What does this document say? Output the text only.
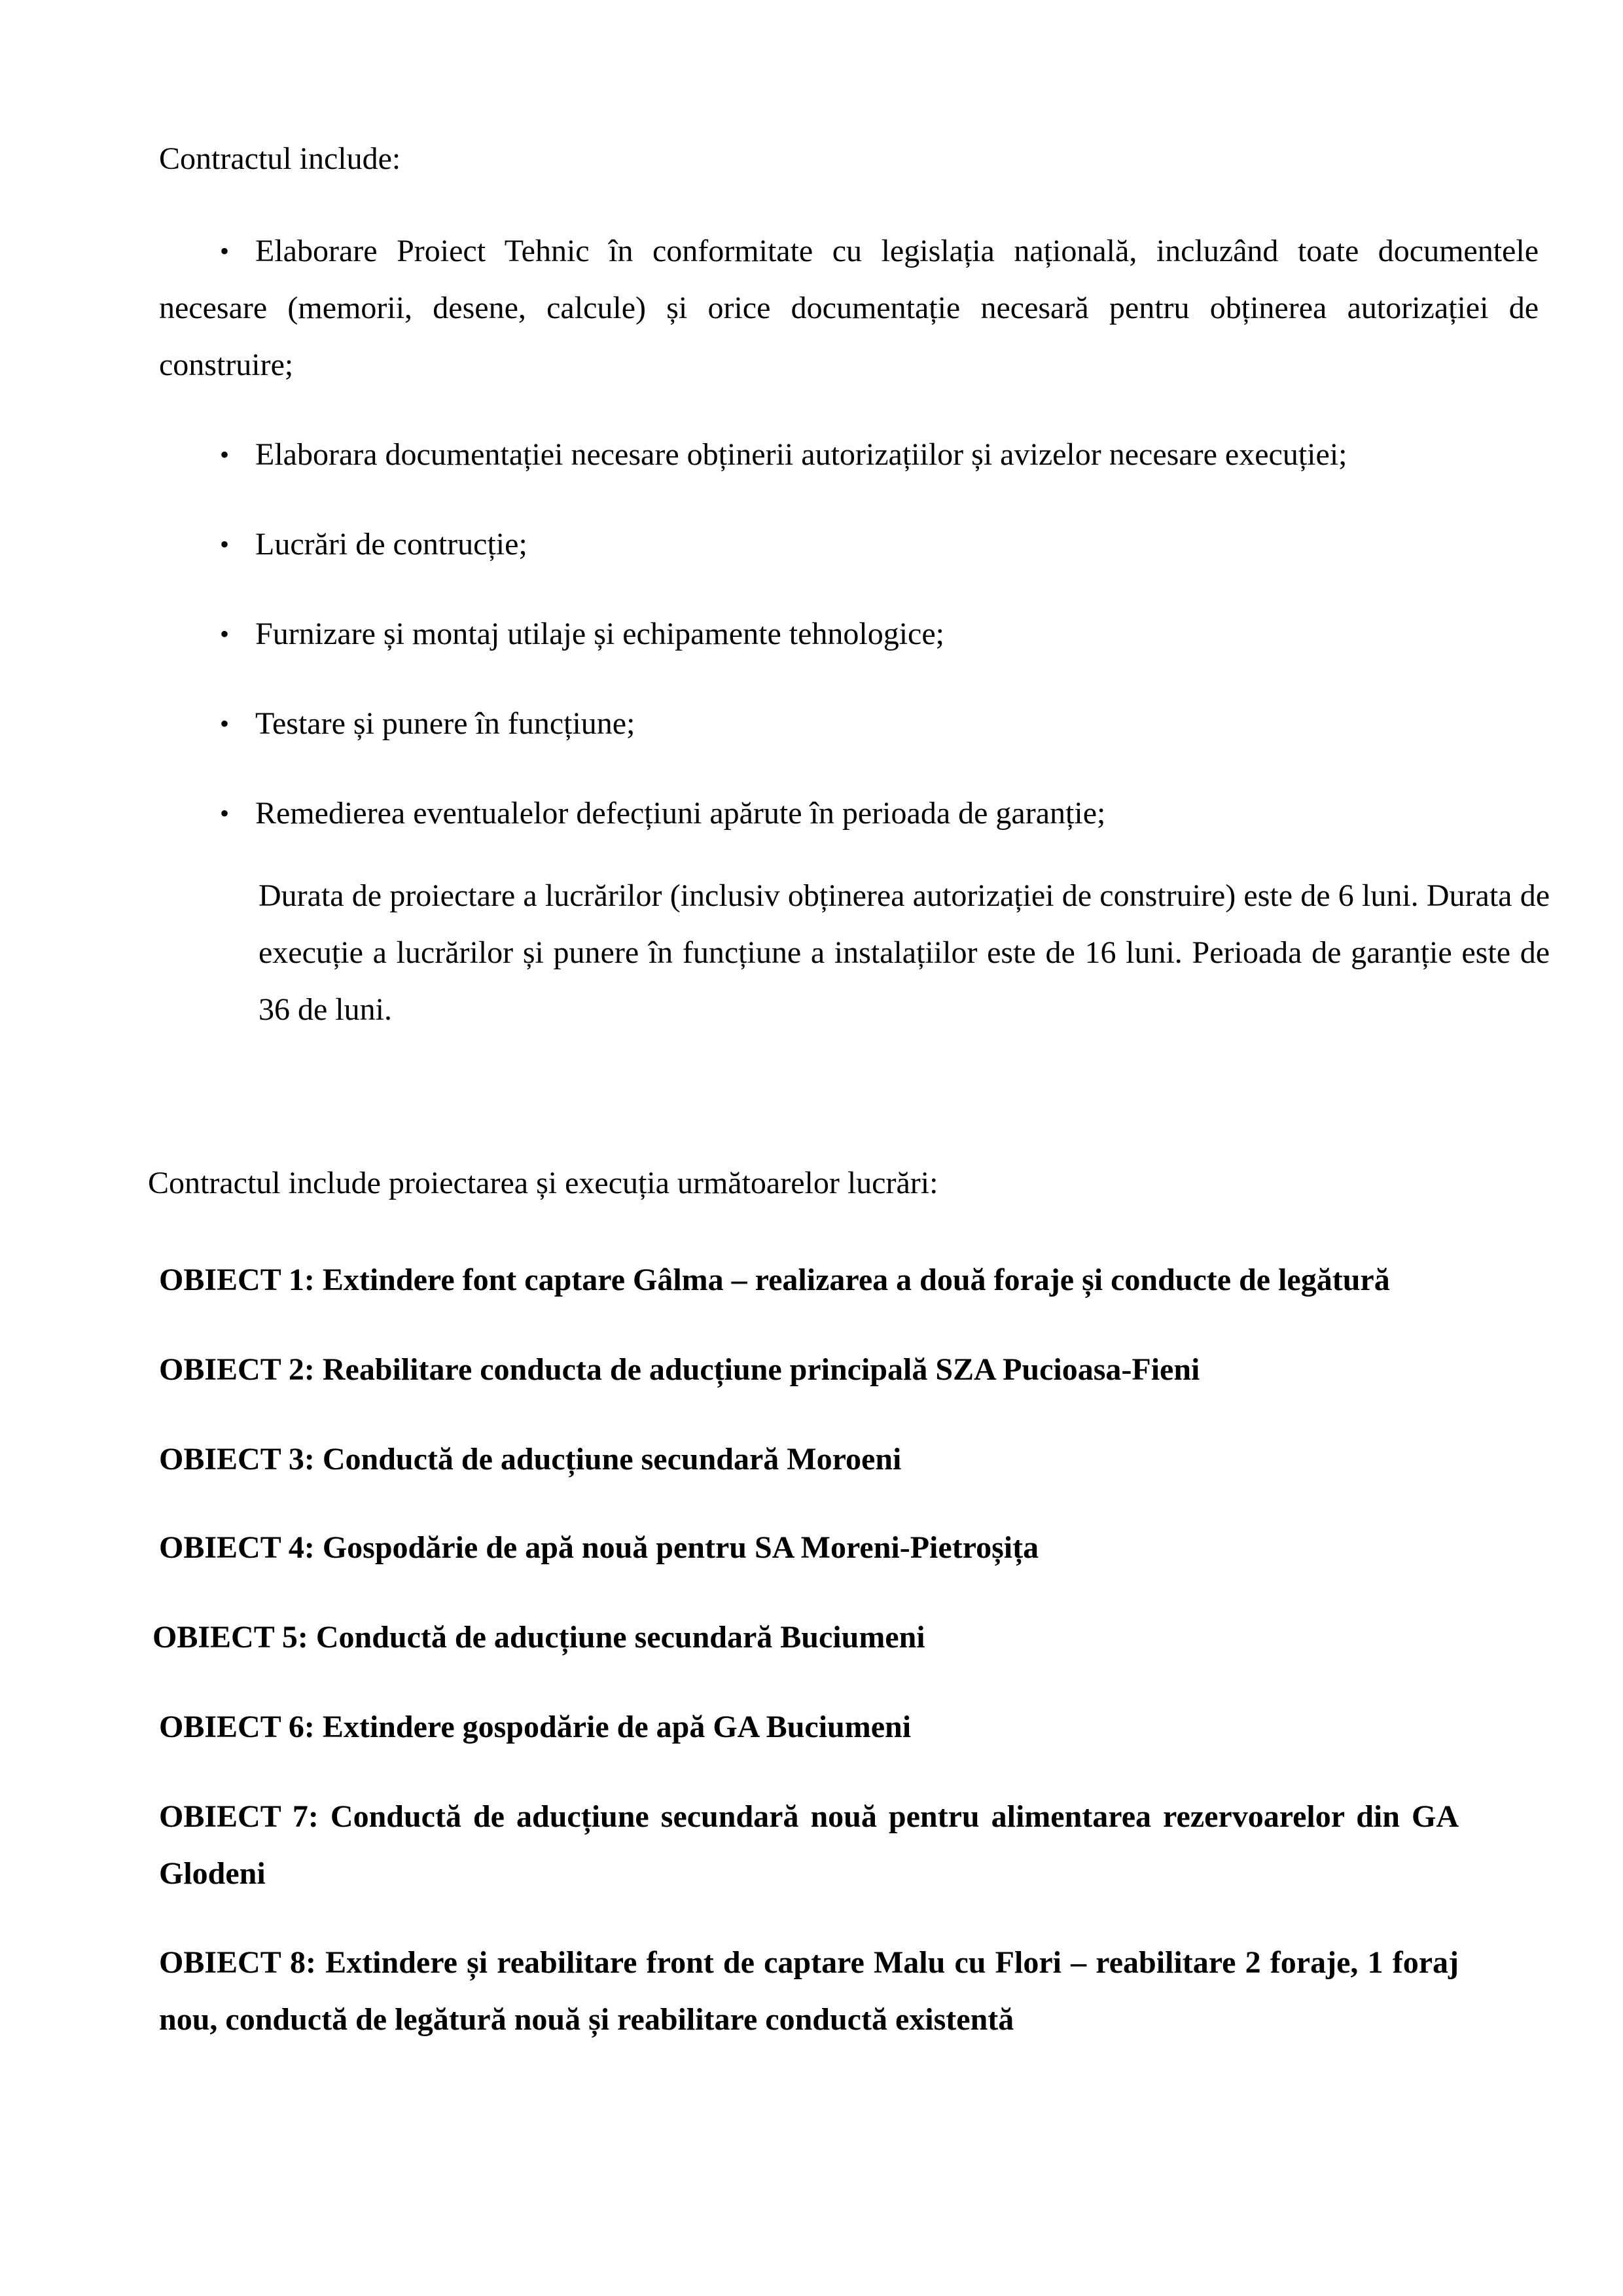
Contractul include:
• Elaborare Proiect Tehnic în conformitate cu legislația națională, incluzând toate documentele necesare (memorii, desene, calcule) și orice documentație necesară pentru obținerea autorizației de construire;
• Elaborara documentației necesare obținerii autorizațiilor și avizelor necesare execuției;
• Lucrări de contrucție;
• Furnizare și montaj utilaje și echipamente tehnologice;
• Testare și punere în funcțiune;
• Remedierea eventualelor defecțiuni apărute în perioada de garanție;
Durata de proiectare a lucrărilor (inclusiv obținerea autorizației de construire) este de 6 luni. Durata de execuție a lucrărilor și punere în funcțiune a instalațiilor este de 16 luni. Perioada de garanție este de 36 de luni.
Contractul include proiectarea și execuția următoarelor lucrări:
OBIECT 1: Extindere font captare Gâlma – realizarea a două foraje și conducte de legătură
OBIECT 2: Reabilitare conducta de aducțiune principală SZA Pucioasa-Fieni
OBIECT 3: Conductă de aducțiune secundară Moroeni
OBIECT 4: Gospodărie de apă nouă pentru SA Moreni-Pietroșița
OBIECT 5: Conductă de aducțiune secundară Buciumeni
OBIECT 6: Extindere gospodărie de apă GA Buciumeni
OBIECT 7: Conductă de aducțiune secundară nouă pentru alimentarea rezervoarelor din GA Glodeni
OBIECT 8: Extindere și reabilitare front de captare Malu cu Flori – reabilitare 2 foraje, 1 foraj nou, conductă de legătură nouă și reabilitare conductă existentă
